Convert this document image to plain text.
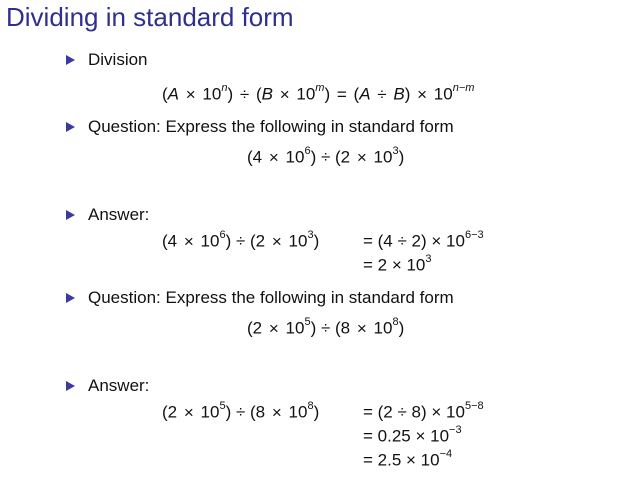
Dividing in standard form
Division
$(A \times 10^n) \div (B \times 10^m) = (A \div B) \times 10^{n-m}$
Question: Express the following in standard form
$(4 \times 10^6) \div (2 \times 10^3)$
Answer:
$(4 \times 10^6) \div (2 \times 10^3)$	= $(4 \div 2) \times 10^{6-3}$
= $2 \times 10^3$
Question: Express the following in standard form
$(2 \times 10^5) \div (8 \times 10^8)$
Answer:
$(2 \times 10^5) \div (8 \times 10^8)$	= $(2 \div 8) \times 10^{5-8}$
= $0.25 \times 10^{-3}$
= $2.5 \times 10^{-4}$
